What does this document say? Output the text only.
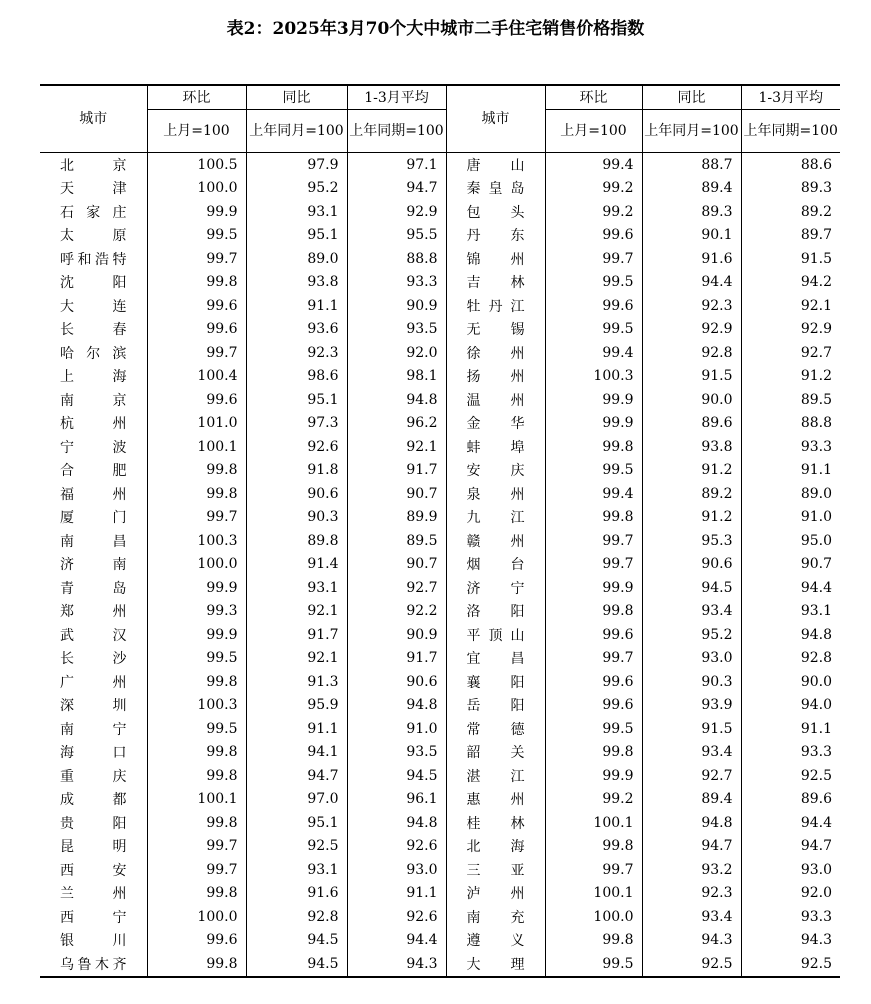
表2：2025年3月70个大中城市二手住宅销售价格指数
城市	环比	同比	1-3月平均	城市	环比	同比	1-3月平均
	上月=100	上年同月=100	上年同期=100		上月=100	上年同月=100	上年同期=100
北京	100.5	97.9	97.1	唐山	99.4	88.7	88.6
天津	100.0	95.2	94.7	秦皇岛	99.2	89.4	89.3
石家庄	99.9	93.1	92.9	包头	99.2	89.3	89.2
太原	99.5	95.1	95.5	丹东	99.6	90.1	89.7
呼和浩特	99.7	89.0	88.8	锦州	99.7	91.6	91.5
沈阳	99.8	93.8	93.3	吉林	99.5	94.4	94.2
大连	99.6	91.1	90.9	牡丹江	99.6	92.3	92.1
长春	99.6	93.6	93.5	无锡	99.5	92.9	92.9
哈尔滨	99.7	92.3	92.0	徐州	99.4	92.8	92.7
上海	100.4	98.6	98.1	扬州	100.3	91.5	91.2
南京	99.6	95.1	94.8	温州	99.9	90.0	89.5
杭州	101.0	97.3	96.2	金华	99.9	89.6	88.8
宁波	100.1	92.6	92.1	蚌埠	99.8	93.8	93.3
合肥	99.8	91.8	91.7	安庆	99.5	91.2	91.1
福州	99.8	90.6	90.7	泉州	99.4	89.2	89.0
厦门	99.7	90.3	89.9	九江	99.8	91.2	91.0
南昌	100.3	89.8	89.5	赣州	99.7	95.3	95.0
济南	100.0	91.4	90.7	烟台	99.7	90.6	90.7
青岛	99.9	93.1	92.7	济宁	99.9	94.5	94.4
郑州	99.3	92.1	92.2	洛阳	99.8	93.4	93.1
武汉	99.9	91.7	90.9	平顶山	99.6	95.2	94.8
长沙	99.5	92.1	91.7	宜昌	99.7	93.0	92.8
广州	99.8	91.3	90.6	襄阳	99.6	90.3	90.0
深圳	100.3	95.9	94.8	岳阳	99.6	93.9	94.0
南宁	99.5	91.1	91.0	常德	99.5	91.5	91.1
海口	99.8	94.1	93.5	韶关	99.8	93.4	93.3
重庆	99.8	94.7	94.5	湛江	99.9	92.7	92.5
成都	100.1	97.0	96.1	惠州	99.2	89.4	89.6
贵阳	99.8	95.1	94.8	桂林	100.1	94.8	94.4
昆明	99.7	92.5	92.6	北海	99.8	94.7	94.7
西安	99.7	93.1	93.0	三亚	99.7	93.2	93.0
兰州	99.8	91.6	91.1	泸州	100.1	92.3	92.0
西宁	100.0	92.8	92.6	南充	100.0	93.4	93.3
银川	99.6	94.5	94.4	遵义	99.8	94.3	94.3
乌鲁木齐	99.8	94.5	94.3	大理	99.5	92.5	92.5
